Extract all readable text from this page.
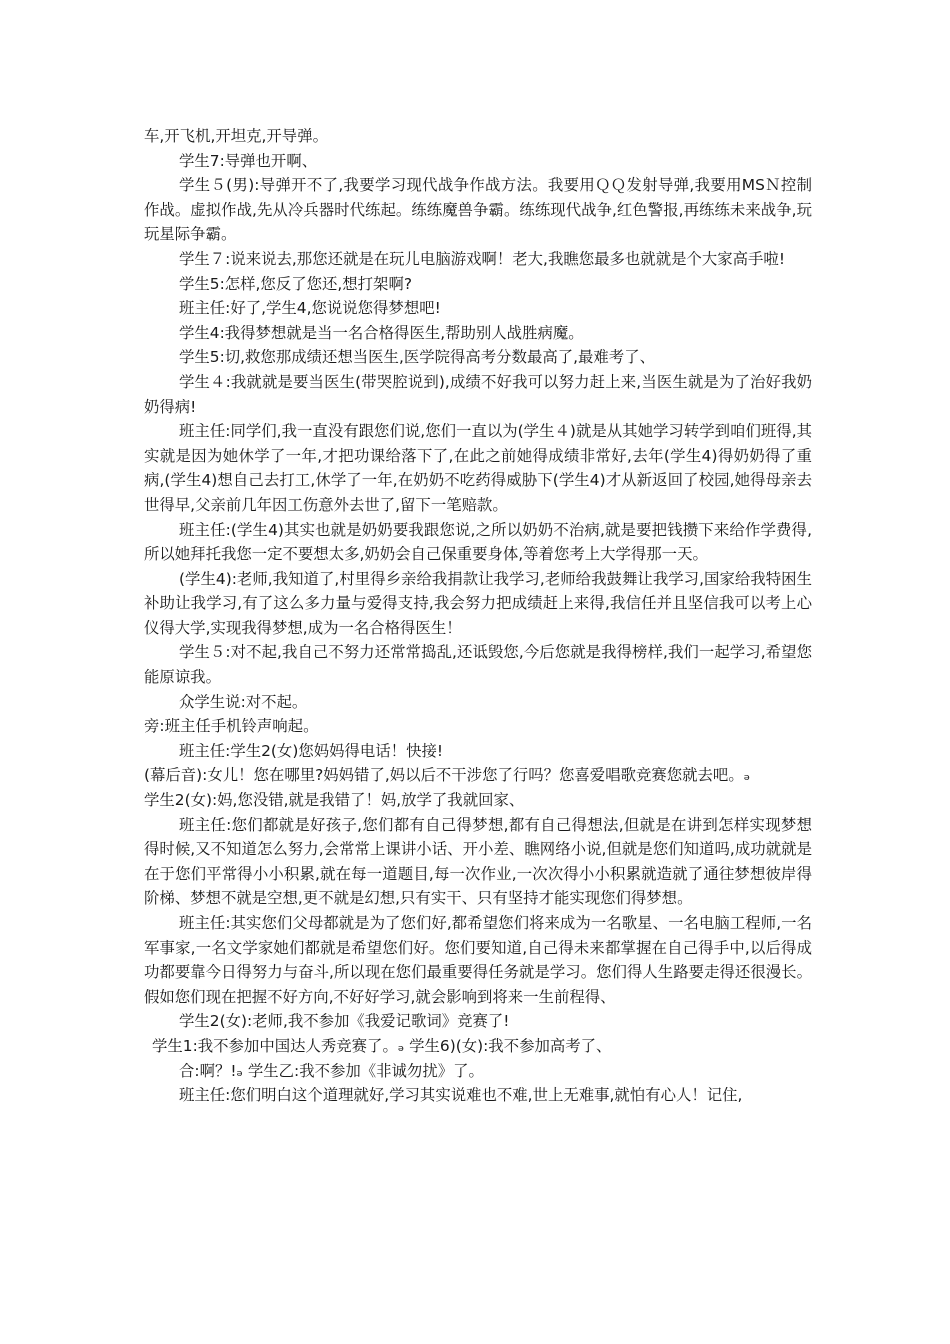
车,开飞机,开坦克,开导弹。

学生7:导弹也开啊、

学生５(男):导弹开不了,我要学习现代战争作战方法。我要用ＱＱ发射导弹,我要用MSＮ控制作战。虚拟作战,先从冷兵器时代练起。练练魔兽争霸。练练现代战争,红色警报,再练练未来战争,玩玩星际争霸。

学生７:说来说去,那您还就是在玩儿电脑游戏啊！老大,我瞧您最多也就就是个大家高手啦!

学生5:怎样,您反了您还,想打架啊?

班主任:好了,学生4,您说说您得梦想吧!

学生4:我得梦想就是当一名合格得医生,帮助别人战胜病魔。

学生5:切,救您那成绩还想当医生,医学院得高考分数最高了,最难考了、

学生４:我就就是要当医生(带哭腔说到),成绩不好我可以努力赶上来,当医生就是为了治好我奶奶得病!

班主任:同学们,我一直没有跟您们说,您们一直以为(学生４)就是从其她学习转学到咱们班得,其实就是因为她休学了一年,才把功课给落下了,在此之前她得成绩非常好,去年(学生4)得奶奶得了重病,(学生4)想自己去打工,休学了一年,在奶奶不吃药得威胁下(学生4)才从新返回了校园,她得母亲去世得早,父亲前几年因工伤意外去世了,留下一笔赔款。

班主任:(学生4)其实也就是奶奶要我跟您说,之所以奶奶不治病,就是要把钱攒下来给作学费得,所以她拜托我您一定不要想太多,奶奶会自己保重要身体,等着您考上大学得那一天。

(学生4):老师,我知道了,村里得乡亲给我捐款让我学习,老师给我鼓舞让我学习,国家给我特困生补助让我学习,有了这么多力量与爱得支持,我会努力把成绩赶上来得,我信任并且坚信我可以考上心仪得大学,实现我得梦想,成为一名合格得医生！

学生５:对不起,我自己不努力还常常捣乱,还诋毁您,今后您就是我得榜样,我们一起学习,希望您能原谅我。

众学生说:对不起。

旁:班主任手机铃声响起。

班主任:学生2(女)您妈妈得电话！快接!

(幕后音):女儿！您在哪里?妈妈错了,妈以后不干涉您了行吗？您喜爱唱歌竞赛您就去吧。ₔ

学生2(女):妈,您没错,就是我错了！妈,放学了我就回家、

班主任:您们都就是好孩子,您们都有自己得梦想,都有自己得想法,但就是在讲到怎样实现梦想得时候,又不知道怎么努力,会常常上课讲小话、开小差、瞧网络小说,但就是您们知道吗,成功就就是在于您们平常得小小积累,就在每一道题目,每一次作业,一次次得小小积累就造就了通往梦想彼岸得阶梯、梦想不就是空想,更不就是幻想,只有实干、只有坚持才能实现您们得梦想。

班主任:其实您们父母都就是为了您们好,都希望您们将来成为一名歌星、一名电脑工程师,一名军事家,一名文学家她们都就是希望您们好。您们要知道,自己得未来都掌握在自己得手中,以后得成功都要靠今日得努力与奋斗,所以现在您们最重要得任务就是学习。您们得人生路要走得还很漫长。假如您们现在把握不好方向,不好好学习,就会影响到将来一生前程得、

学生2(女):老师,我不参加《我爱记歌词》竞赛了!

学生1:我不参加中国达人秀竞赛了。ₔ 学生6)(女):我不参加高考了、

合:啊？!ₔ 学生乙:我不参加《非诚勿扰》了。

班主任:您们明白这个道理就好,学习其实说难也不难,世上无难事,就怕有心人！记住,
